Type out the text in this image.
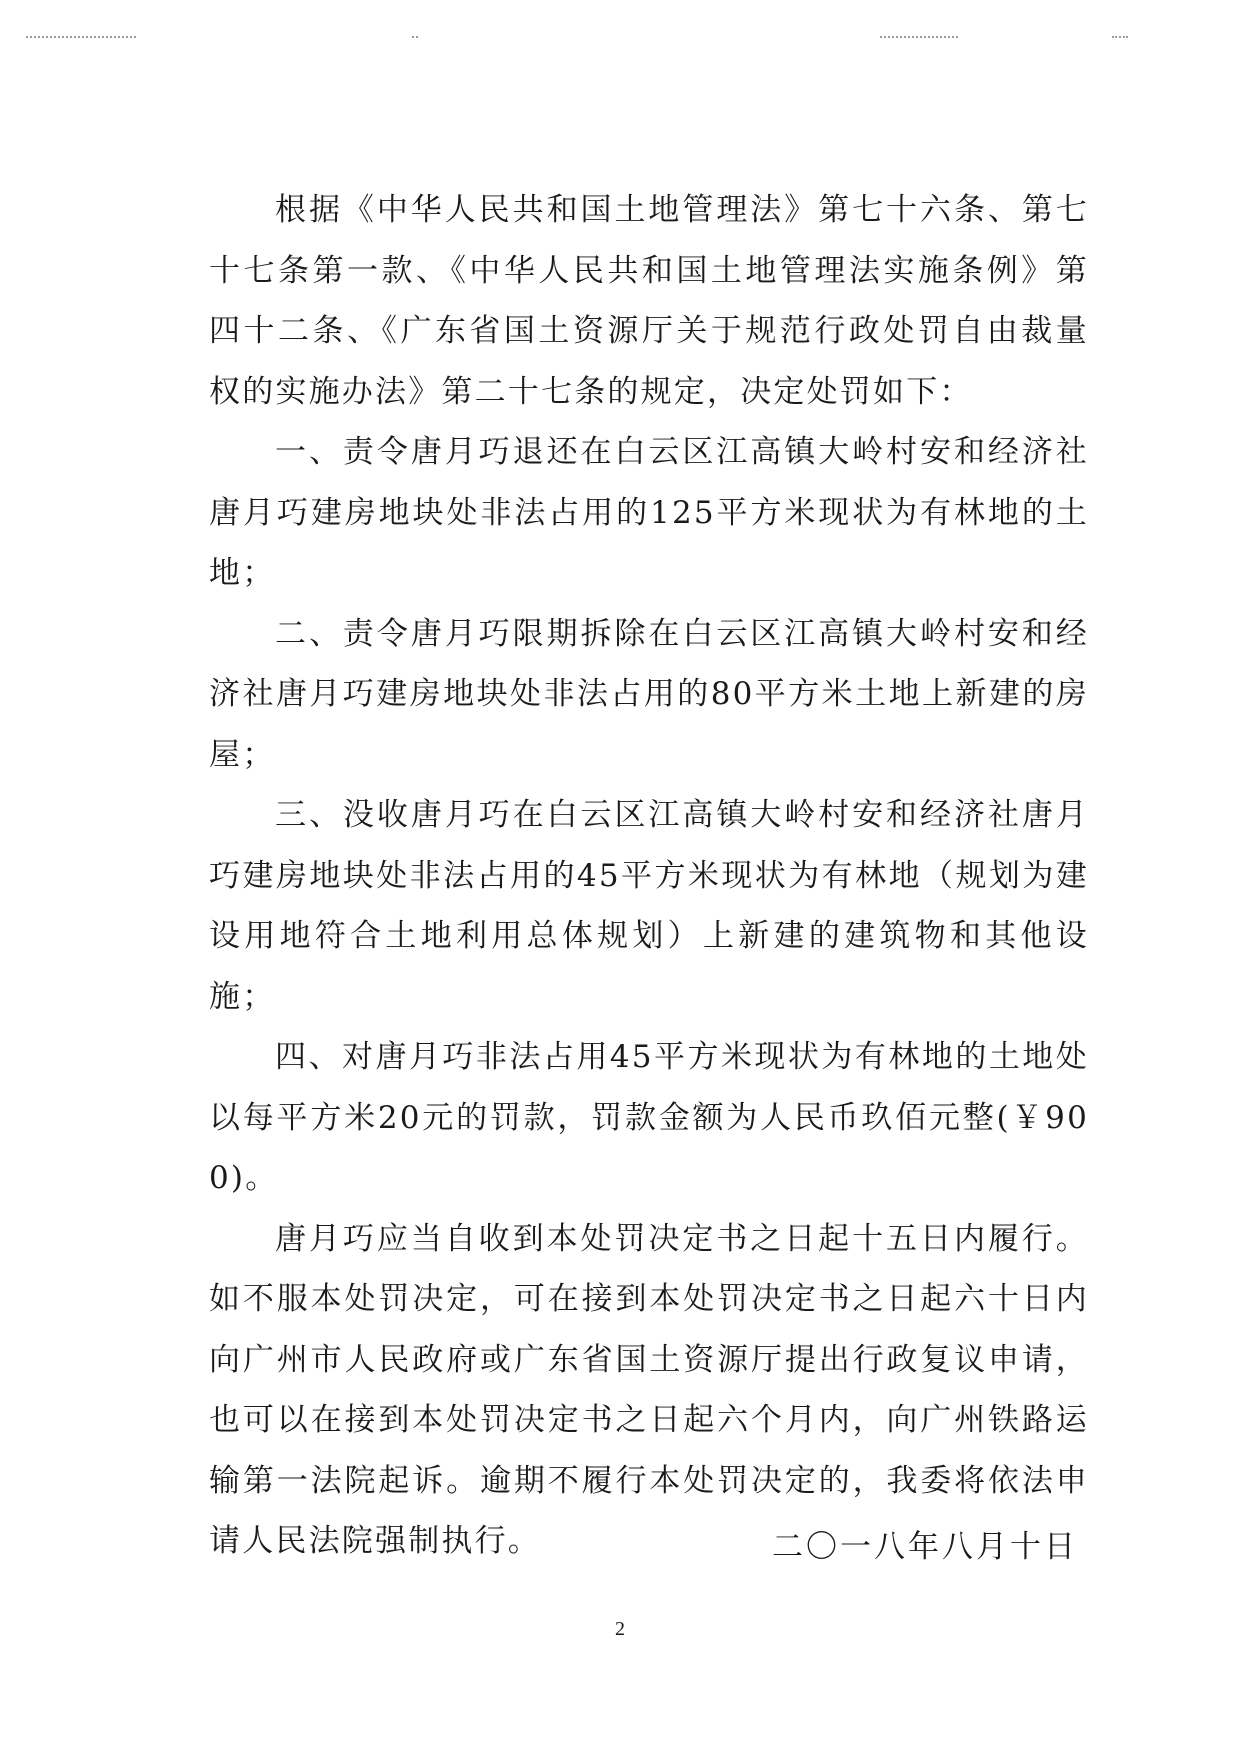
根据《中华人民共和国土地管理法》第七十六条、第七十七条第一款、《中华人民共和国土地管理法实施条例》第四十二条、《广东省国土资源厅关于规范行政处罚自由裁量权的实施办法》第二十七条的规定，决定处罚如下：

一、责令唐月巧退还在白云区江高镇大岭村安和经济社唐月巧建房地块处非法占用的125平方米现状为有林地的土地；

二、责令唐月巧限期拆除在白云区江高镇大岭村安和经济社唐月巧建房地块处非法占用的80平方米土地上新建的房屋；

三、没收唐月巧在白云区江高镇大岭村安和经济社唐月巧建房地块处非法占用的45平方米现状为有林地（规划为建设用地符合土地利用总体规划）上新建的建筑物和其他设施；

四、对唐月巧非法占用45平方米现状为有林地的土地处以每平方米20元的罚款，罚款金额为人民币玖佰元整(￥900)。

唐月巧应当自收到本处罚决定书之日起十五日内履行。如不服本处罚决定，可在接到本处罚决定书之日起六十日内向广州市人民政府或广东省国土资源厅提出行政复议申请，也可以在接到本处罚决定书之日起六个月内，向广州铁路运输第一法院起诉。逾期不履行本处罚决定的，我委将依法申请人民法院强制执行。	二〇一八年八月十日
2
